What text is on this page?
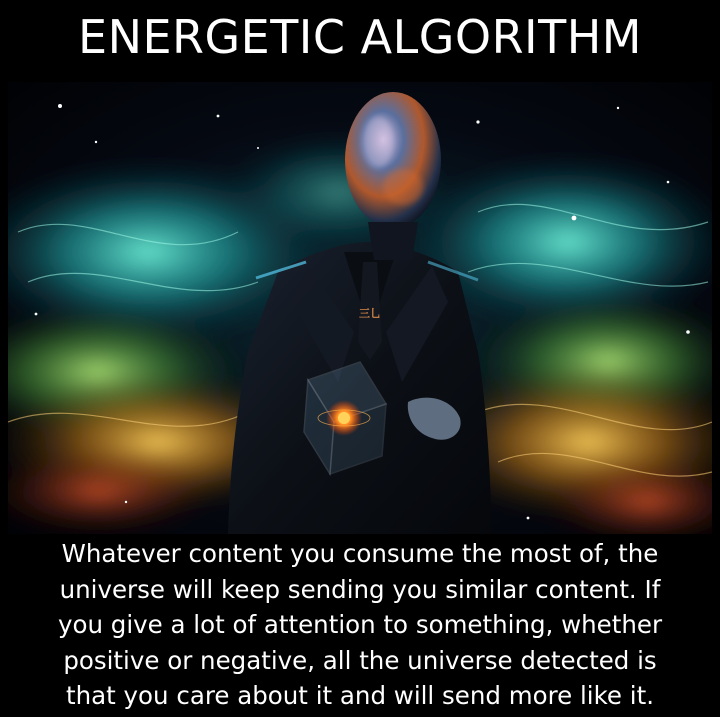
ENERGETIC ALGORITHM
三乚
Whatever content you consume the most of, the
universe will keep sending you similar content. If
you give a lot of attention to something, whether
positive or negative, all the universe detected is
that you care about it and will send more like it.
